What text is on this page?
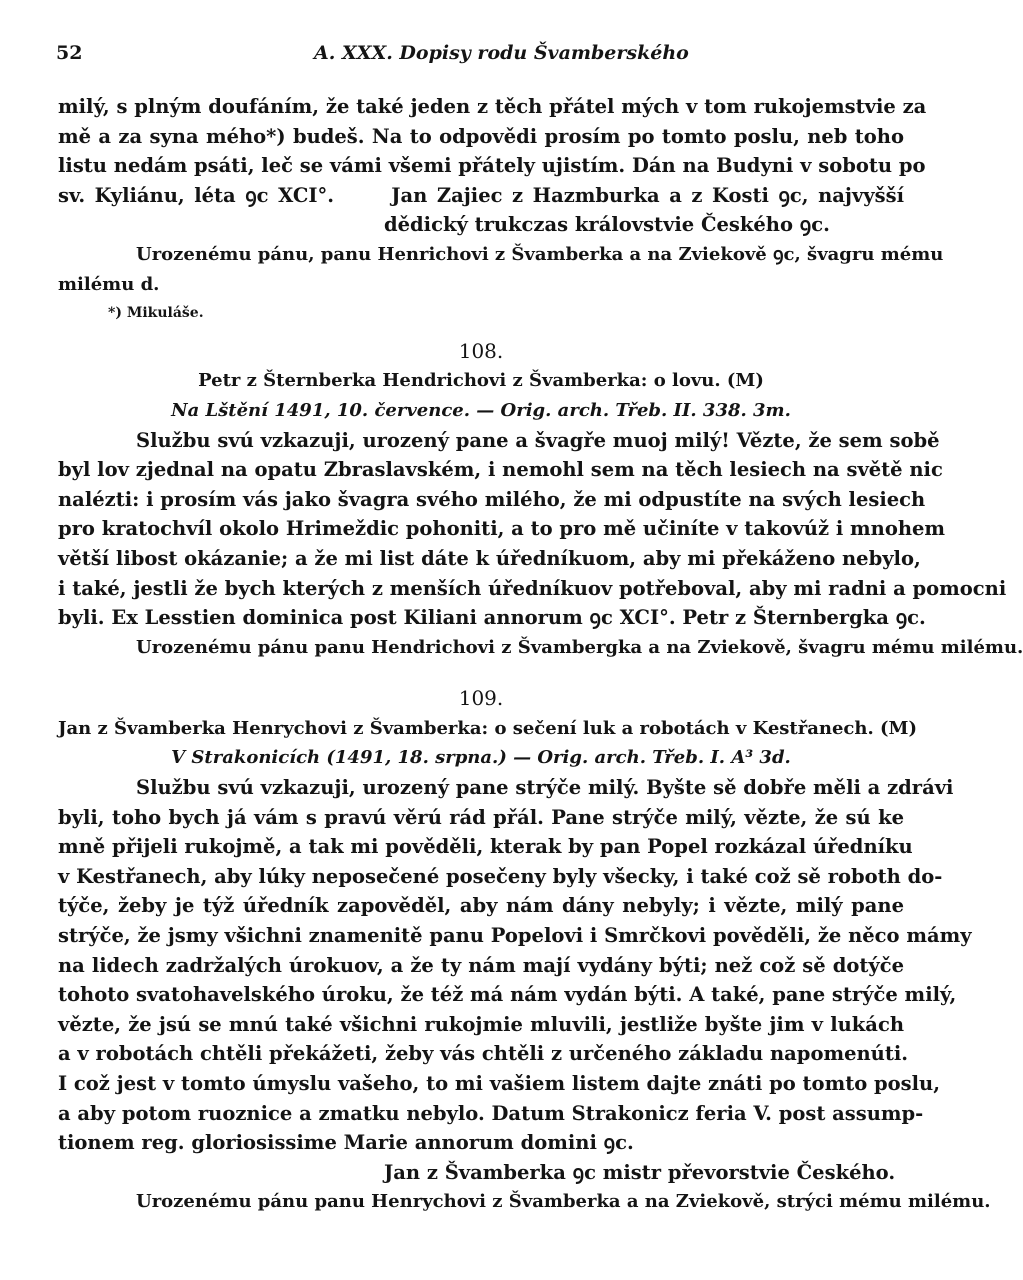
52	A. XXX. Dopisy rodu Švamberského
milý, s plným doufáním, že také jeden z těch přátel mých v tom rukojemstvie za
mě a za syna mého*) budeš. Na to odpovědi prosím po tomto poslu, neb toho
listu nedám psáti, leč se vámi všemi přátely ujistím. Dán na Budyni v sobotu po
sv. Kyliánu, léta ꝯc XCI°.      Jan Zajiec z Hazmburka a z Kosti ꝯc, najvyšší
dědický trukczas královstvie Českého ꝯc.
Urozenému pánu, panu Henrichovi z Švamberka a na Zviekově ꝯc, švagru mému
milému d.
*) Mikuláše.
108.
Petr z Šternberka Hendrichovi z Švamberka: o lovu. (M)
Na Lštění 1491, 10. července. — Orig. arch. Třeb. II. 338. 3m.
Službu svú vzkazuji, urozený pane a švagře muoj milý! Vězte, že sem sobě
byl lov zjednal na opatu Zbraslavském, i nemohl sem na těch lesiech na světě nic
nalézti: i prosím vás jako švagra svého milého, že mi odpustíte na svých lesiech
pro kratochvíl okolo Hrimeždic pohoniti, a to pro mě učiníte v takovúž i mnohem
větší libost okázanie; a že mi list dáte k úředníkuom, aby mi překáženo nebylo,
i také, jestli že bych kterých z menších úředníkuov potřeboval, aby mi radni a pomocni
byli. Ex Lesstien dominica post Kiliani annorum ꝯc XCI°. Petr z Šternbergka ꝯc.
Urozenému pánu panu Hendrichovi z Švambergka a na Zviekově, švagru mému milému.
109.
Jan z Švamberka Henrychovi z Švamberka: o sečení luk a robotách v Kestřanech. (M)
V Strakonicích (1491, 18. srpna.) — Orig. arch. Třeb. I. A³ 3d.
Službu svú vzkazuji, urozený pane strýče milý. Byšte sě dobře měli a zdrávi
byli, toho bych já vám s pravú věrú rád přál. Pane strýče milý, vězte, že sú ke
mně přijeli rukojmě, a tak mi pověděli, kterak by pan Popel rozkázal úředníku
v Kestřanech, aby lúky neposečené posečeny byly všecky, i také což sě roboth do-
týče, žeby je týž úředník zapověděl, aby nám dány nebyly; i vězte, milý pane
strýče, že jsmy všichni znamenitě panu Popelovi i Smrčkovi pověděli, že něco mámy
na lidech zadržalých úrokuov, a že ty nám mají vydány býti; než což sě dotýče
tohoto svatohavelského úroku, že též má nám vydán býti. A také, pane strýče milý,
vězte, že jsú se mnú také všichni rukojmie mluvili, jestliže byšte jim v lukách
a v robotách chtěli překážeti, žeby vás chtěli z určeného základu napomenúti.
I což jest v tomto úmyslu vašeho, to mi vašiem listem dajte znáti po tomto poslu,
a aby potom ruoznice a zmatku nebylo. Datum Strakonicz feria V. post assump-
tionem reg. gloriosissime Marie annorum domini ꝯc.
Jan z Švamberka ꝯc mistr převorstvie Českého.
Urozenému pánu panu Henrychovi z Švamberka a na Zviekově, strýci mému milému.
